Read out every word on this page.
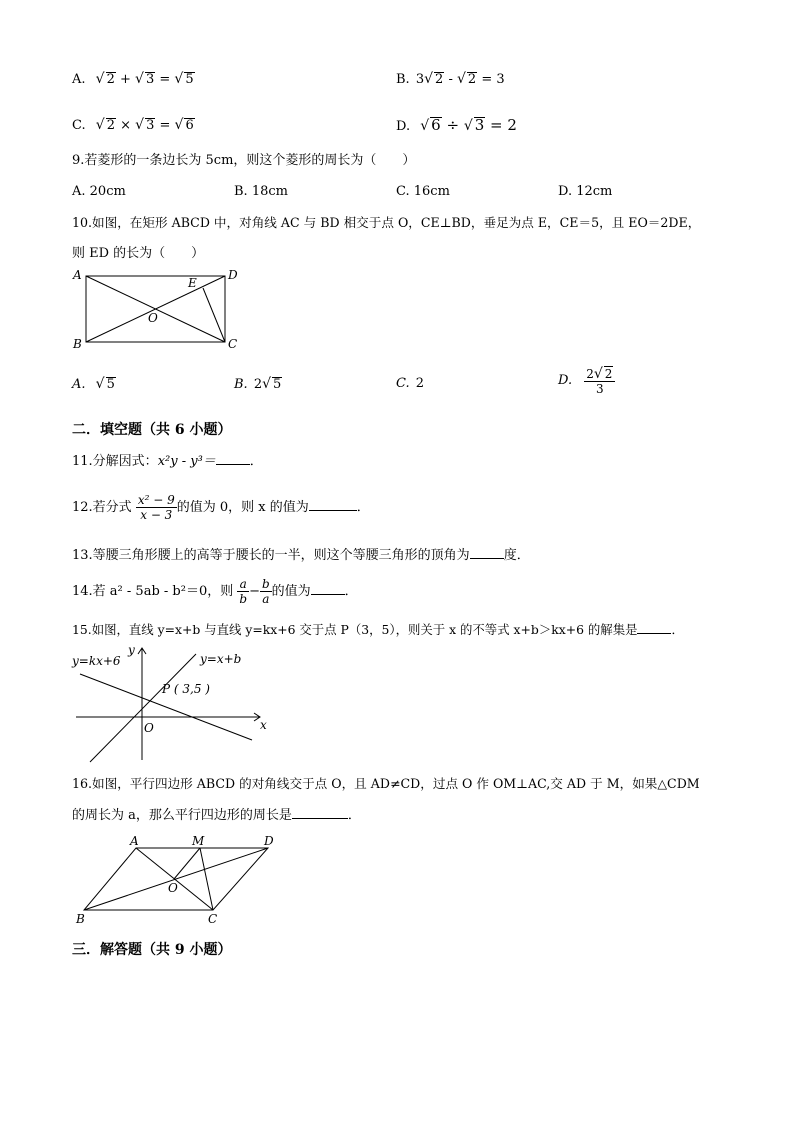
A. √ 2 + √ 3 = √ 5	B. 3√ 2 - √ 2 = 3
C. √ 2 × √ 3 = √ 6	D. √ 6 ÷ √ 3 = 2
9.若菱形的一条边长为 5cm，则这个菱形的周长为（　　）
A. 20cm	B. 18cm	C. 16cm	D. 12cm
10.如图，在矩形 ABCD 中，对角线 AC 与 BD 相交于点 O，CE⊥BD，垂足为点 E，CE＝5，且 EO＝2DE，
则 ED 的长为（　　）
A	D
B	C
E
O
A. √ 5	B. 2√ 5	C. 2	D. $\frac{2√ 2}{3}$
二．填空题（共 6 小题）
11.分解因式：x²y - y³＝	．
12.若分式 $\frac{\text{x² − 9}}{x - 3}$ 的值为 0，则 x 的值为	．
13.等腰三角形腰上的高等于腰长的一半，则这个等腰三角形的顶角为	度．
14.若 a² - 5ab - b²＝0，则 $\frac{a}{b} - \frac{b}{a}$ 的值为	．
15.如图，直线 y=x+b 与直线 y=kx+6 交于点 P（3，5），则关于 x 的不等式 x+b＞kx+6 的解集是	．
y=kx+6	y=x+b
P ( 3,5 )
x
y
O
16.如图，平行四边形 ABCD 的对角线交于点 O，且 AD≠CD，过点 O 作 OM⊥AC,交 AD 于 M，如果△CDM
的周长为 a，那么平行四边形的周长是	．
A	M	D
O
B	C
三．解答题（共 9 小题）
